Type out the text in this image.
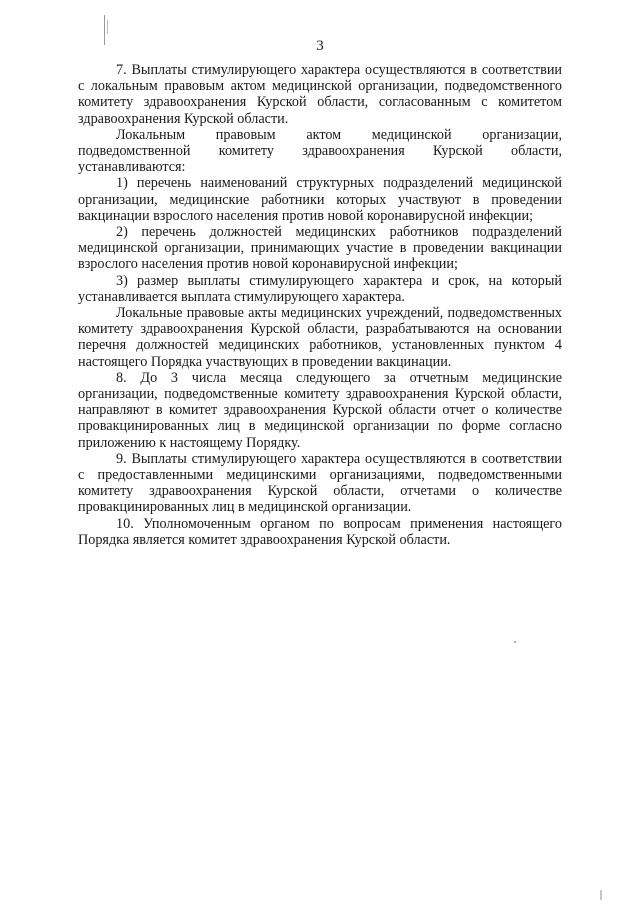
3

7. Выплаты стимулирующего характера осуществляются в соответствии с локальным правовым актом медицинской организации, подведомственного комитету здравоохранения Курской области, согласованным с комитетом здравоохранения Курской области.

Локальным правовым актом медицинской организации, подведомственной комитету здравоохранения Курской области, устанавливаются:

1) перечень наименований структурных подразделений медицинской организации, медицинские работники которых участвуют в проведении вакцинации взрослого населения против новой коронавирусной инфекции;

2) перечень должностей медицинских работников подразделений медицинской организации, принимающих участие в проведении вакцинации взрослого населения против новой коронавирусной инфекции;

3) размер выплаты стимулирующего характера и срок, на который устанавливается выплата стимулирующего характера.

Локальные правовые акты медицинских учреждений, подведомственных комитету здравоохранения Курской области, разрабатываются на основании перечня должностей медицинских работников, установленных пунктом 4 настоящего Порядка участвующих в проведении вакцинации.

8. До 3 числа месяца следующего за отчетным медицинские организации, подведомственные комитету здравоохранения Курской области, направляют в комитет здравоохранения Курской области отчет о количестве провакцинированных лиц в медицинской организации по форме согласно приложению к настоящему Порядку.

9. Выплаты стимулирующего характера осуществляются в соответствии с предоставленными медицинскими организациями, подведомственными комитету здравоохранения Курской области, отчетами о количестве провакцинированных лиц в медицинской организации.

10. Уполномоченным органом по вопросам применения настоящего Порядка является комитет здравоохранения Курской области.
